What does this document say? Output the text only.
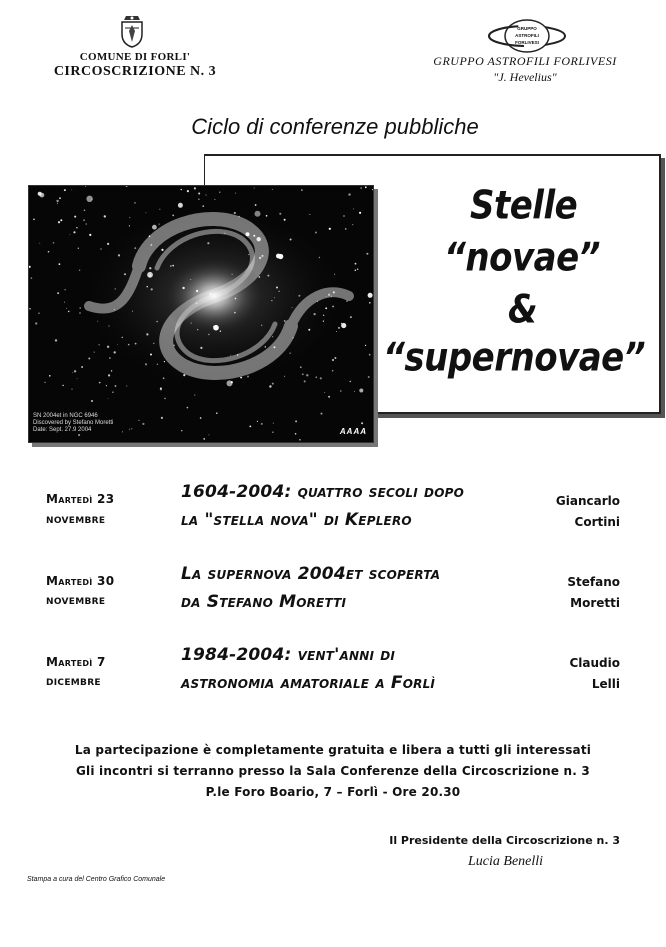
COMUNE DI FORLI'
CIRCOSCRIZIONE N. 3
GRUPPO
ASTROFILI
FORLIVESI
GRUPPO ASTROFILI FORLIVESI
"J. Hevelius"
Ciclo di conferenze pubbliche
Stelle
“novae”
&
“supernovae”
SN 2004et in NGC 6946
Discovered by Stefano Moretti
Date: Sept. 27.9 2004	AAAA
Martedì 23
NOVEMBRE
1604-2004: quattro secoli dopo
la "stella nova" di Keplero
Giancarlo
Cortini
Martedì 30
NOVEMBRE
La supernova 2004et scoperta
da Stefano Moretti
Stefano
Moretti
Martedì 7
DICEMBRE
1984-2004: vent'anni di
astronomia amatoriale a Forlì
Claudio
Lelli
La partecipazione è completamente gratuita e libera a tutti gli interessati
Gli incontri si terranno presso la Sala Conferenze della Circoscrizione n. 3
P.le Foro Boario, 7 – Forlì - Ore 20.30
Il Presidente della Circoscrizione n. 3
Lucia Benelli
Stampa a cura del Centro Grafico Comunale
